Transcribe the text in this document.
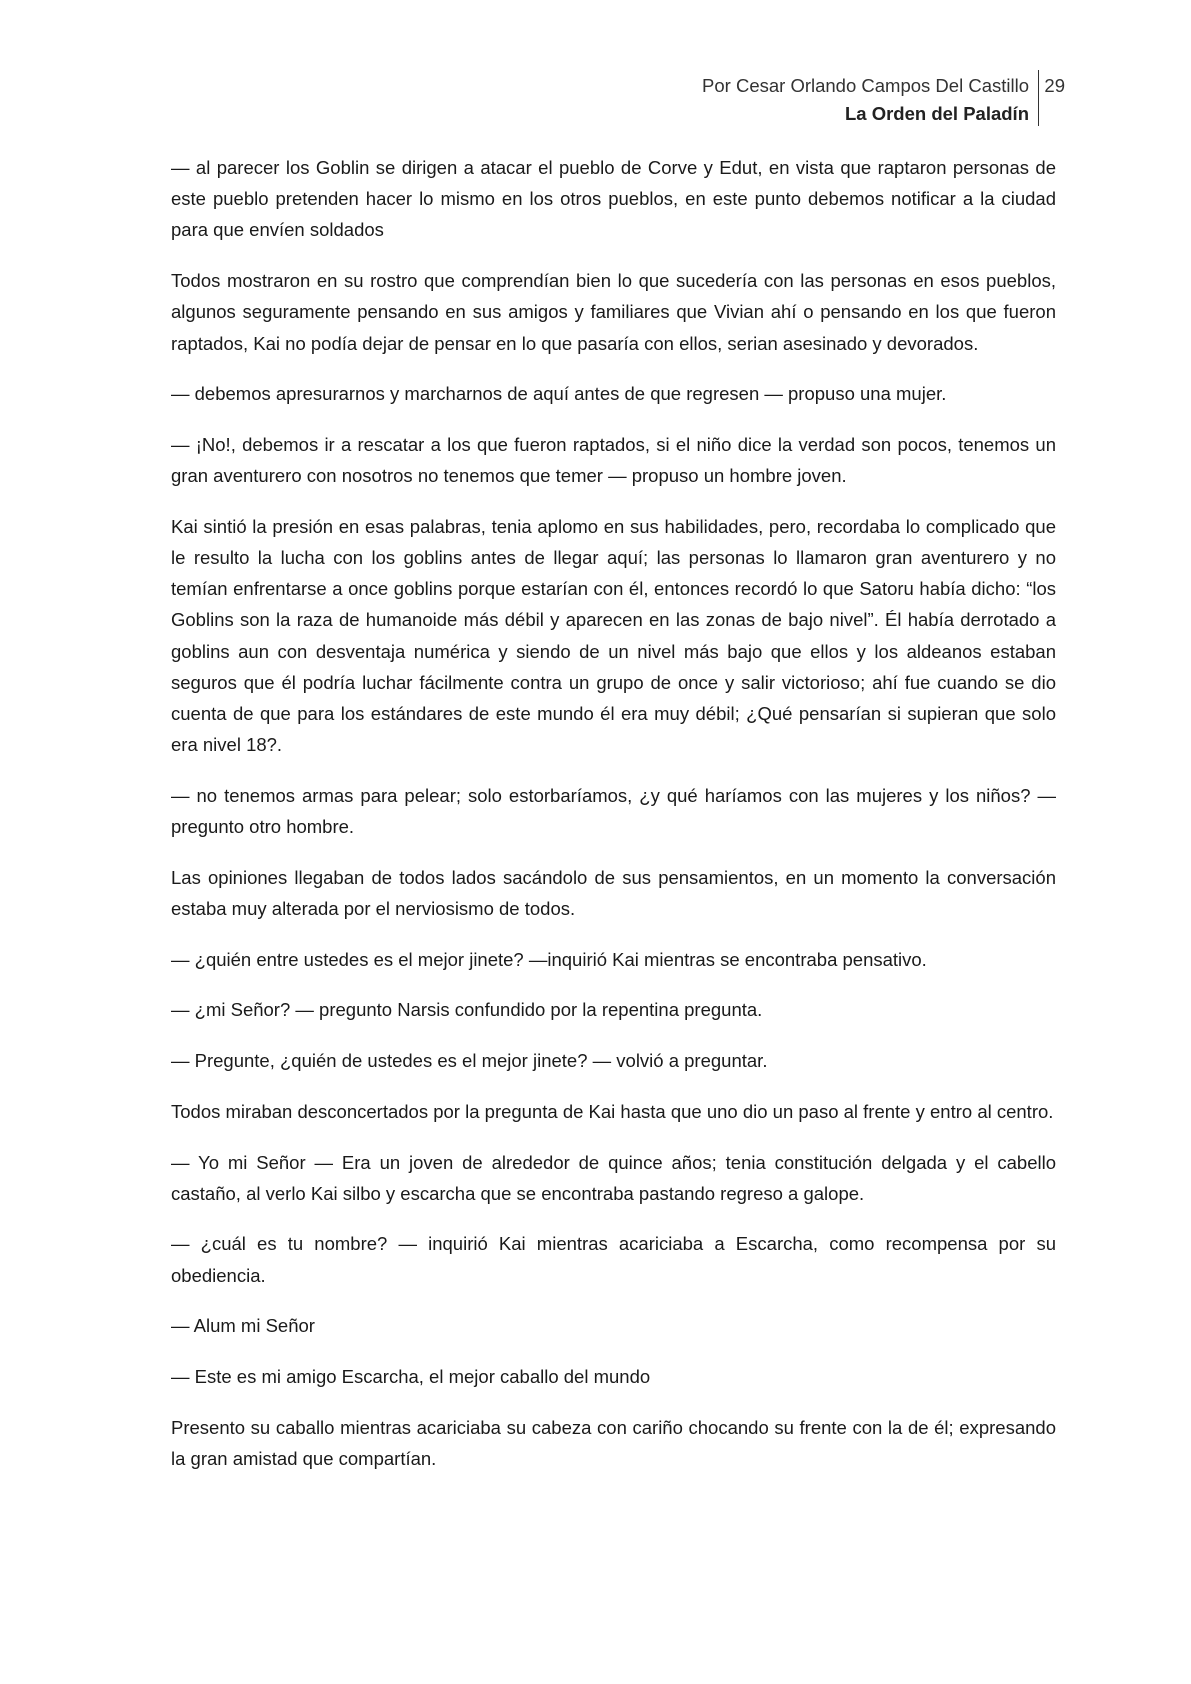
Por Cesar Orlando Campos Del Castillo
La Orden del Paladín
29

— al parecer los Goblin se dirigen a atacar el pueblo de Corve y Edut, en vista que raptaron personas de este pueblo pretenden hacer lo mismo en los otros pueblos, en este punto debemos notificar a la ciudad para que envíen soldados

Todos mostraron en su rostro que comprendían bien lo que sucedería con las personas en esos pueblos, algunos seguramente pensando en sus amigos y familiares que Vivian ahí o pensando en los que fueron raptados, Kai no podía dejar de pensar en lo que pasaría con ellos, serian asesinado y devorados.

— debemos apresurarnos y marcharnos de aquí antes de que regresen — propuso una mujer.

— ¡No!, debemos ir a rescatar a los que fueron raptados, si el niño dice la verdad son pocos, tenemos un gran aventurero con nosotros no tenemos que temer — propuso un hombre joven.

Kai sintió la presión en esas palabras, tenia aplomo en sus habilidades, pero, recordaba lo complicado que le resulto la lucha con los goblins antes de llegar aquí; las personas lo llamaron gran aventurero y no temían enfrentarse a once goblins porque estarían con él, entonces recordó lo que Satoru había dicho: “los Goblins son la raza de humanoide más débil y aparecen en las zonas de bajo nivel”. Él había derrotado a goblins aun con desventaja numérica y siendo de un nivel más bajo que ellos y los aldeanos estaban seguros que él podría luchar fácilmente contra un grupo de once y salir victorioso; ahí fue cuando se dio cuenta de que para los estándares de este mundo él era muy débil; ¿Qué pensarían si supieran que solo era nivel 18?.

— no tenemos armas para pelear; solo estorbaríamos, ¿y qué haríamos con las mujeres y los niños? — pregunto otro hombre.

Las opiniones llegaban de todos lados sacándolo de sus pensamientos, en un momento la conversación estaba muy alterada por el nerviosismo de todos.

— ¿quién entre ustedes es el mejor jinete? —inquirió Kai mientras se encontraba pensativo.

— ¿mi Señor? — pregunto Narsis confundido por la repentina pregunta.

— Pregunte, ¿quién de ustedes es el mejor jinete? — volvió a preguntar.

Todos miraban desconcertados por la pregunta de Kai hasta que uno dio un paso al frente y entro al centro.

— Yo mi Señor — Era un joven de alrededor de quince años; tenia constitución delgada y el cabello castaño, al verlo Kai silbo y escarcha que se encontraba pastando regreso a galope.

— ¿cuál es tu nombre? — inquirió Kai mientras acariciaba a Escarcha, como recompensa por su obediencia.

— Alum mi Señor

— Este es mi amigo Escarcha, el mejor caballo del mundo

Presento su caballo mientras acariciaba su cabeza con cariño chocando su frente con la de él; expresando la gran amistad que compartían.
